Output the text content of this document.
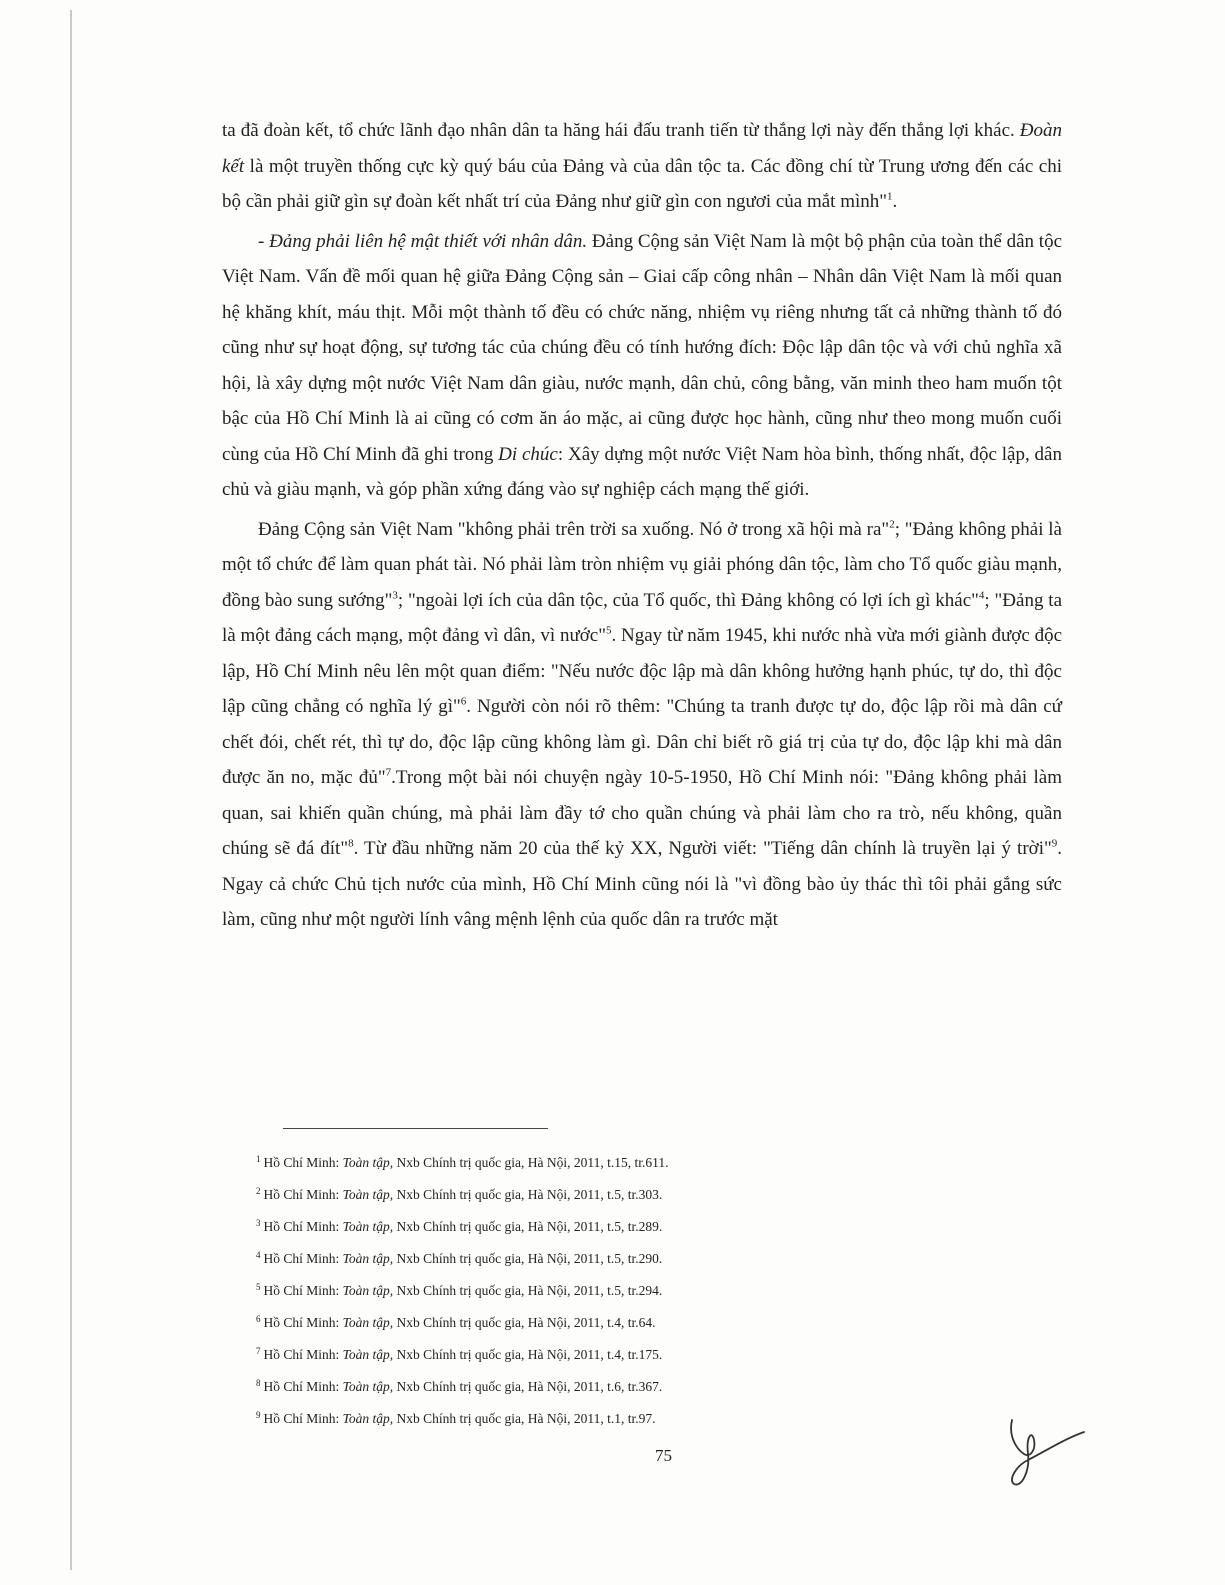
ta đã đoàn kết, tổ chức lãnh đạo nhân dân ta hăng hái đấu tranh tiến từ thắng lợi này đến thắng lợi khác. Đoàn kết là một truyền thống cực kỳ quý báu của Đảng và của dân tộc ta. Các đồng chí từ Trung ương đến các chi bộ cần phải giữ gìn sự đoàn kết nhất trí của Đảng như giữ gìn con ngươi của mắt mình"$^1$.

- Đảng phải liên hệ mật thiết với nhân dân. Đảng Cộng sản Việt Nam là một bộ phận của toàn thể dân tộc Việt Nam. Vấn đề mối quan hệ giữa Đảng Cộng sản – Giai cấp công nhân – Nhân dân Việt Nam là mối quan hệ khăng khít, máu thịt. Mỗi một thành tố đều có chức năng, nhiệm vụ riêng nhưng tất cả những thành tố đó cũng như sự hoạt động, sự tương tác của chúng đều có tính hướng đích: Độc lập dân tộc và với chủ nghĩa xã hội, là xây dựng một nước Việt Nam dân giàu, nước mạnh, dân chủ, công bằng, văn minh theo ham muốn tột bậc của Hồ Chí Minh là ai cũng có cơm ăn áo mặc, ai cũng được học hành, cũng như theo mong muốn cuối cùng của Hồ Chí Minh đã ghi trong Di chúc: Xây dựng một nước Việt Nam hòa bình, thống nhất, độc lập, dân chủ và giàu mạnh, và góp phần xứng đáng vào sự nghiệp cách mạng thế giới.

Đảng Cộng sản Việt Nam "không phải trên trời sa xuống. Nó ở trong xã hội mà ra"$^2$; "Đảng không phải là một tổ chức để làm quan phát tài. Nó phải làm tròn nhiệm vụ giải phóng dân tộc, làm cho Tổ quốc giàu mạnh, đồng bào sung sướng"$^3$; "ngoài lợi ích của dân tộc, của Tổ quốc, thì Đảng không có lợi ích gì khác"$^4$; "Đảng ta là một đảng cách mạng, một đảng vì dân, vì nước"$^5$. Ngay từ năm 1945, khi nước nhà vừa mới giành được độc lập, Hồ Chí Minh nêu lên một quan điểm: "Nếu nước độc lập mà dân không hưởng hạnh phúc, tự do, thì độc lập cũng chẳng có nghĩa lý gì"$^6$. Người còn nói rõ thêm: "Chúng ta tranh được tự do, độc lập rồi mà dân cứ chết đói, chết rét, thì tự do, độc lập cũng không làm gì. Dân chỉ biết rõ giá trị của tự do, độc lập khi mà dân được ăn no, mặc đủ"$^7$.Trong một bài nói chuyện ngày 10-5-1950, Hồ Chí Minh nói: "Đảng không phải làm quan, sai khiến quần chúng, mà phải làm đầy tớ cho quần chúng và phải làm cho ra trò, nếu không, quần chúng sẽ đá đít"$^8$. Từ đầu những năm 20 của thế kỷ XX, Người viết: "Tiếng dân chính là truyền lại ý trời"$^9$. Ngay cả chức Chủ tịch nước của mình, Hồ Chí Minh cũng nói là "vì đồng bào ủy thác thì tôi phải gắng sức làm, cũng như một người lính vâng mệnh lệnh của quốc dân ra trước mặt

$^1$ Hồ Chí Minh: Toàn tập, Nxb Chính trị quốc gia, Hà Nội, 2011, t.15, tr.611.
$^2$ Hồ Chí Minh: Toàn tập, Nxb Chính trị quốc gia, Hà Nội, 2011, t.5, tr.303.
$^3$ Hồ Chí Minh: Toàn tập, Nxb Chính trị quốc gia, Hà Nội, 2011, t.5, tr.289.
$^4$ Hồ Chí Minh: Toàn tập, Nxb Chính trị quốc gia, Hà Nội, 2011, t.5, tr.290.
$^5$ Hồ Chí Minh: Toàn tập, Nxb Chính trị quốc gia, Hà Nội, 2011, t.5, tr.294.
$^6$ Hồ Chí Minh: Toàn tập, Nxb Chính trị quốc gia, Hà Nội, 2011, t.4, tr.64.
$^7$ Hồ Chí Minh: Toàn tập, Nxb Chính trị quốc gia, Hà Nội, 2011, t.4, tr.175.
$^8$ Hồ Chí Minh: Toàn tập, Nxb Chính trị quốc gia, Hà Nội, 2011, t.6, tr.367.
$^9$ Hồ Chí Minh: Toàn tập, Nxb Chính trị quốc gia, Hà Nội, 2011, t.1, tr.97.
75
